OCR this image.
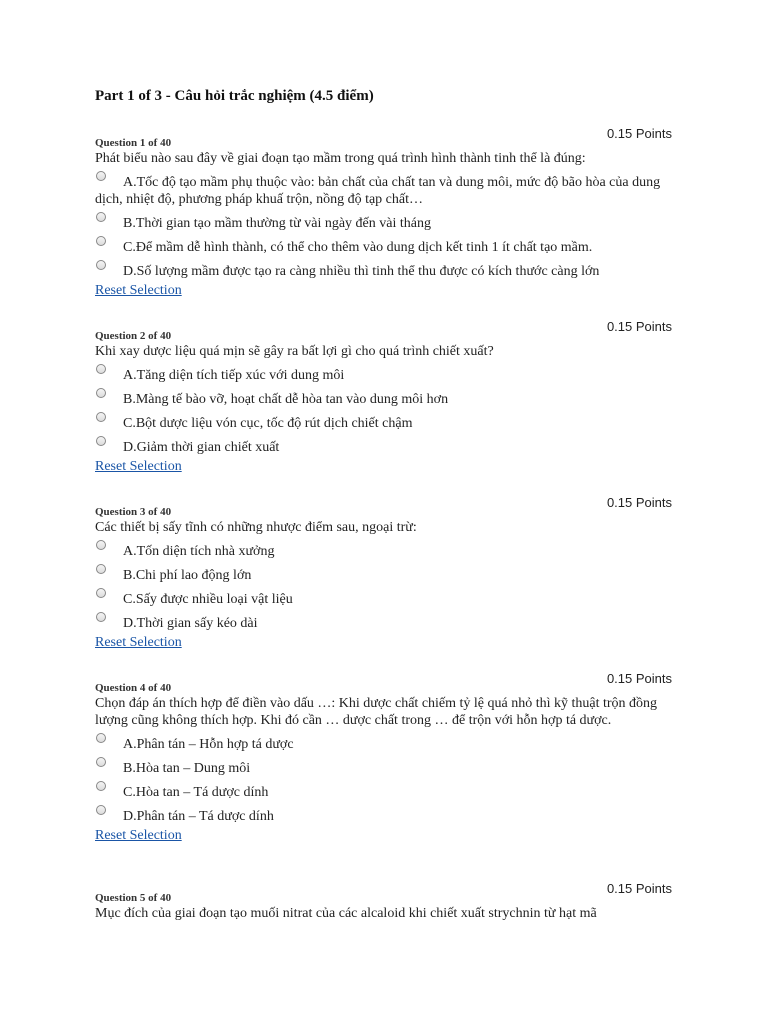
Part 1 of 3 - Câu hỏi trắc nghiệm (4.5 điểm)
Question 1 of 40
0.15 Points
Phát biểu nào sau đây về giai đoạn tạo mầm trong quá trình hình thành tinh thể là đúng:
A.Tốc độ tạo mầm phụ thuộc vào: bản chất của chất tan và dung môi, mức độ bão hòa của dung dịch, nhiệt độ, phương pháp khuấ trộn, nồng độ tạp chất…
B.Thời gian tạo mầm thường từ vài ngày đến vài tháng
C.Để mầm dễ hình thành, có thể cho thêm vào dung dịch kết tinh 1 ít chất tạo mầm.
D.Số lượng mầm được tạo ra càng nhiều thì tinh thể thu được có kích thước càng lớn
Reset Selection
Question 2 of 40
0.15 Points
Khi xay dược liệu quá mịn sẽ gây ra bất lợi gì cho quá trình chiết xuất?
A.Tăng diện tích tiếp xúc với dung môi
B.Màng tế bào vỡ, hoạt chất dễ hòa tan vào dung môi hơn
C.Bột dược liệu vón cục, tốc độ rút dịch chiết chậm
D.Giảm thời gian chiết xuất
Reset Selection
Question 3 of 40
0.15 Points
Các thiết bị sấy tĩnh có những nhược điểm sau, ngoại trừ:
A.Tốn diện tích nhà xưởng
B.Chi phí lao động lớn
C.Sấy được nhiều loại vật liệu
D.Thời gian sấy kéo dài
Reset Selection
Question 4 of 40
0.15 Points
Chọn đáp án thích hợp để điền vào dấu …: Khi dược chất chiếm tỷ lệ quá nhỏ thì kỹ thuật trộn đồng lượng cũng không thích hợp. Khi đó cần … dược chất trong … để trộn với hỗn hợp tá dược.
A.Phân tán – Hỗn hợp tá dược
B.Hòa tan – Dung môi
C.Hòa tan – Tá dược dính
D.Phân tán – Tá dược dính
Reset Selection
Question 5 of 40
0.15 Points
Mục đích của giai đoạn tạo muối nitrat của các alcaloid khi chiết xuất strychnin từ hạt mã
